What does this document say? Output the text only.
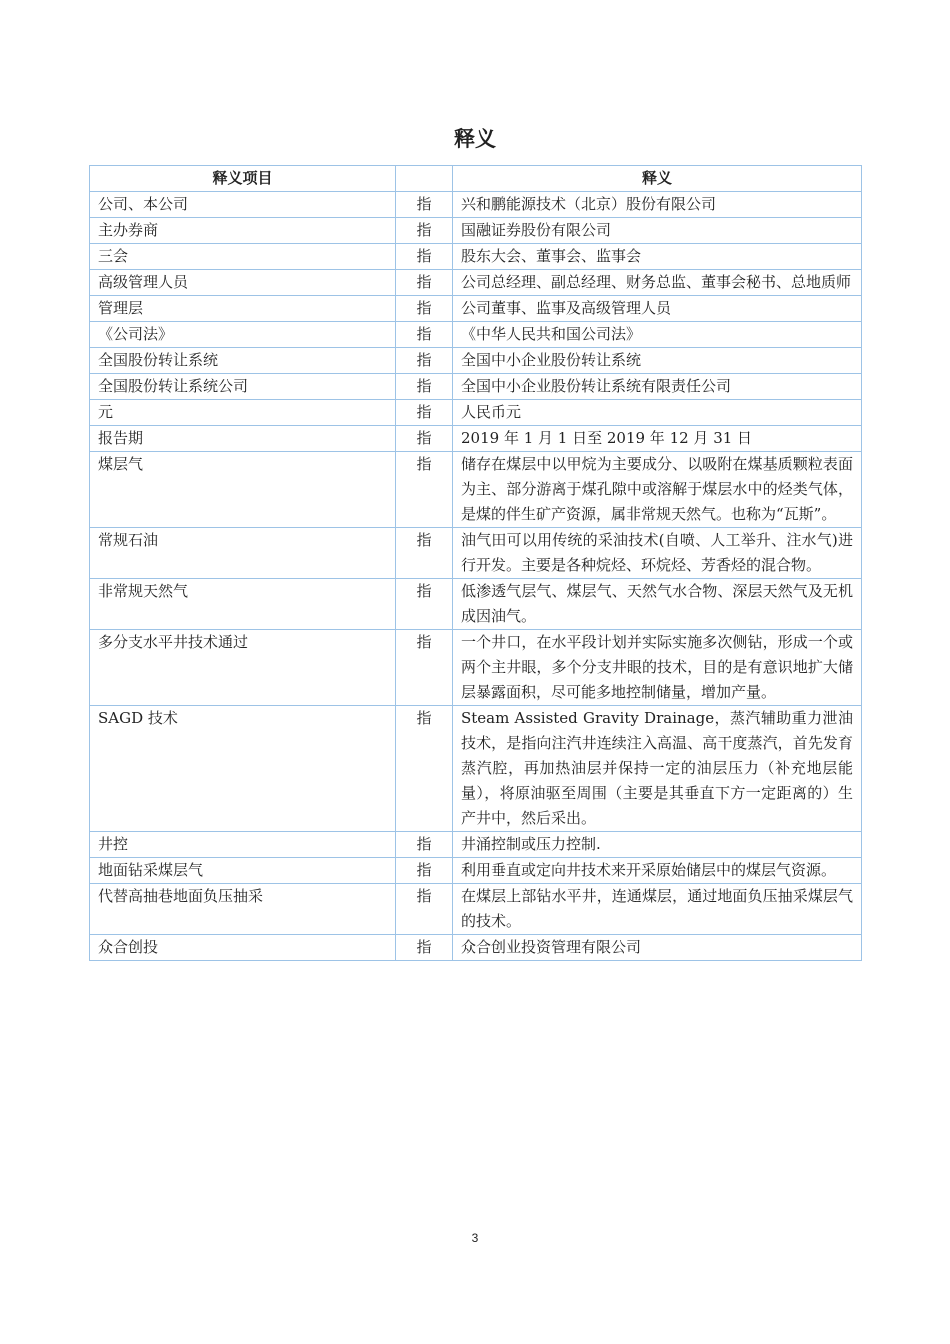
释义
释义项目		释义
公司、本公司	指	兴和鹏能源技术（北京）股份有限公司
主办券商	指	国融证券股份有限公司
三会	指	股东大会、董事会、监事会
高级管理人员	指	公司总经理、副总经理、财务总监、董事会秘书、总地质师
管理层	指	公司董事、监事及高级管理人员
《公司法》	指	《中华人民共和国公司法》
全国股份转让系统	指	全国中小企业股份转让系统
全国股份转让系统公司	指	全国中小企业股份转让系统有限责任公司
元	指	人民币元
报告期	指	2019 年 1 月 1 日至 2019 年 12 月 31 日
煤层气	指	储存在煤层中以甲烷为主要成分、以吸附在煤基质颗粒表面为主、部分游离于煤孔隙中或溶解于煤层水中的烃类气体，是煤的伴生矿产资源，属非常规天然气。也称为“瓦斯”。
常规石油	指	油气田可以用传统的采油技术(自喷、人工举升、注水气)进行开发。主要是各种烷烃、环烷烃、芳香烃的混合物。
非常规天然气	指	低渗透气层气、煤层气、天然气水合物、深层天然气及无机成因油气。
多分支水平井技术通过	指	一个井口，在水平段计划并实际实施多次侧钻，形成一个或两个主井眼，多个分支井眼的技术，目的是有意识地扩大储层暴露面积，尽可能多地控制储量，增加产量。
SAGD 技术	指	Steam Assisted Gravity Drainage，蒸汽辅助重力泄油技术，是指向注汽井连续注入高温、高干度蒸汽，首先发育蒸汽腔，再加热油层并保持一定的油层压力（补充地层能量），将原油驱至周围（主要是其垂直下方一定距离的）生产井中，然后采出。
井控	指	井涌控制或压力控制.
地面钻采煤层气	指	利用垂直或定向井技术来开采原始储层中的煤层气资源。
代替高抽巷地面负压抽采	指	在煤层上部钻水平井，连通煤层，通过地面负压抽采煤层气的技术。
众合创投	指	众合创业投资管理有限公司
3
